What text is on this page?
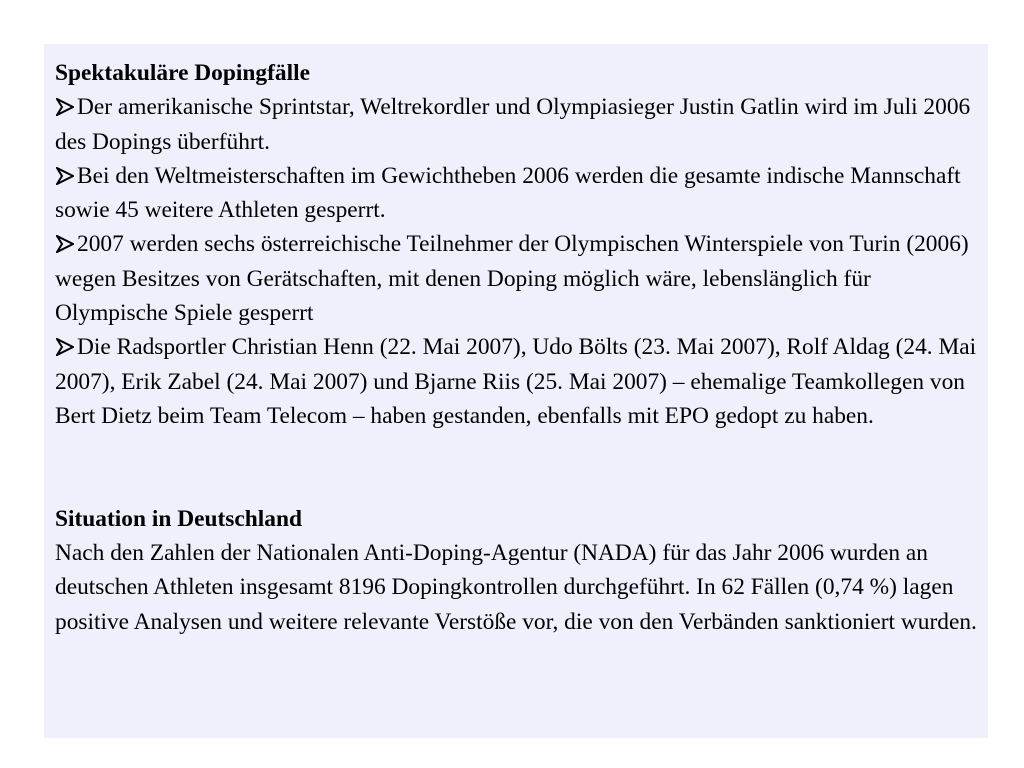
Spektakuläre Dopingfälle

Der amerikanische Sprintstar, Weltrekordler und Olympiasieger Justin Gatlin wird im Juli 2006 des Dopings überführt.

Bei den Weltmeisterschaften im Gewichtheben 2006 werden die gesamte indische Mannschaft sowie 45 weitere Athleten gesperrt.

2007 werden sechs österreichische Teilnehmer der Olympischen Winterspiele von Turin (2006) wegen Besitzes von Gerätschaften, mit denen Doping möglich wäre, lebenslänglich für Olympische Spiele gesperrt

Die Radsportler Christian Henn (22. Mai 2007), Udo Bölts (23. Mai 2007), Rolf Aldag (24. Mai 2007), Erik Zabel (24. Mai 2007) und Bjarne Riis (25. Mai 2007) – ehemalige Teamkollegen von Bert Dietz beim Team Telecom – haben gestanden, ebenfalls mit EPO gedopt zu haben.

Situation in Deutschland

Nach den Zahlen der Nationalen Anti-Doping-Agentur (NADA) für das Jahr 2006 wurden an deutschen Athleten insgesamt 8196 Dopingkontrollen durchgeführt. In 62 Fällen (0,74 %) lagen positive Analysen und weitere relevante Verstöße vor, die von den Verbänden sanktioniert wurden.
